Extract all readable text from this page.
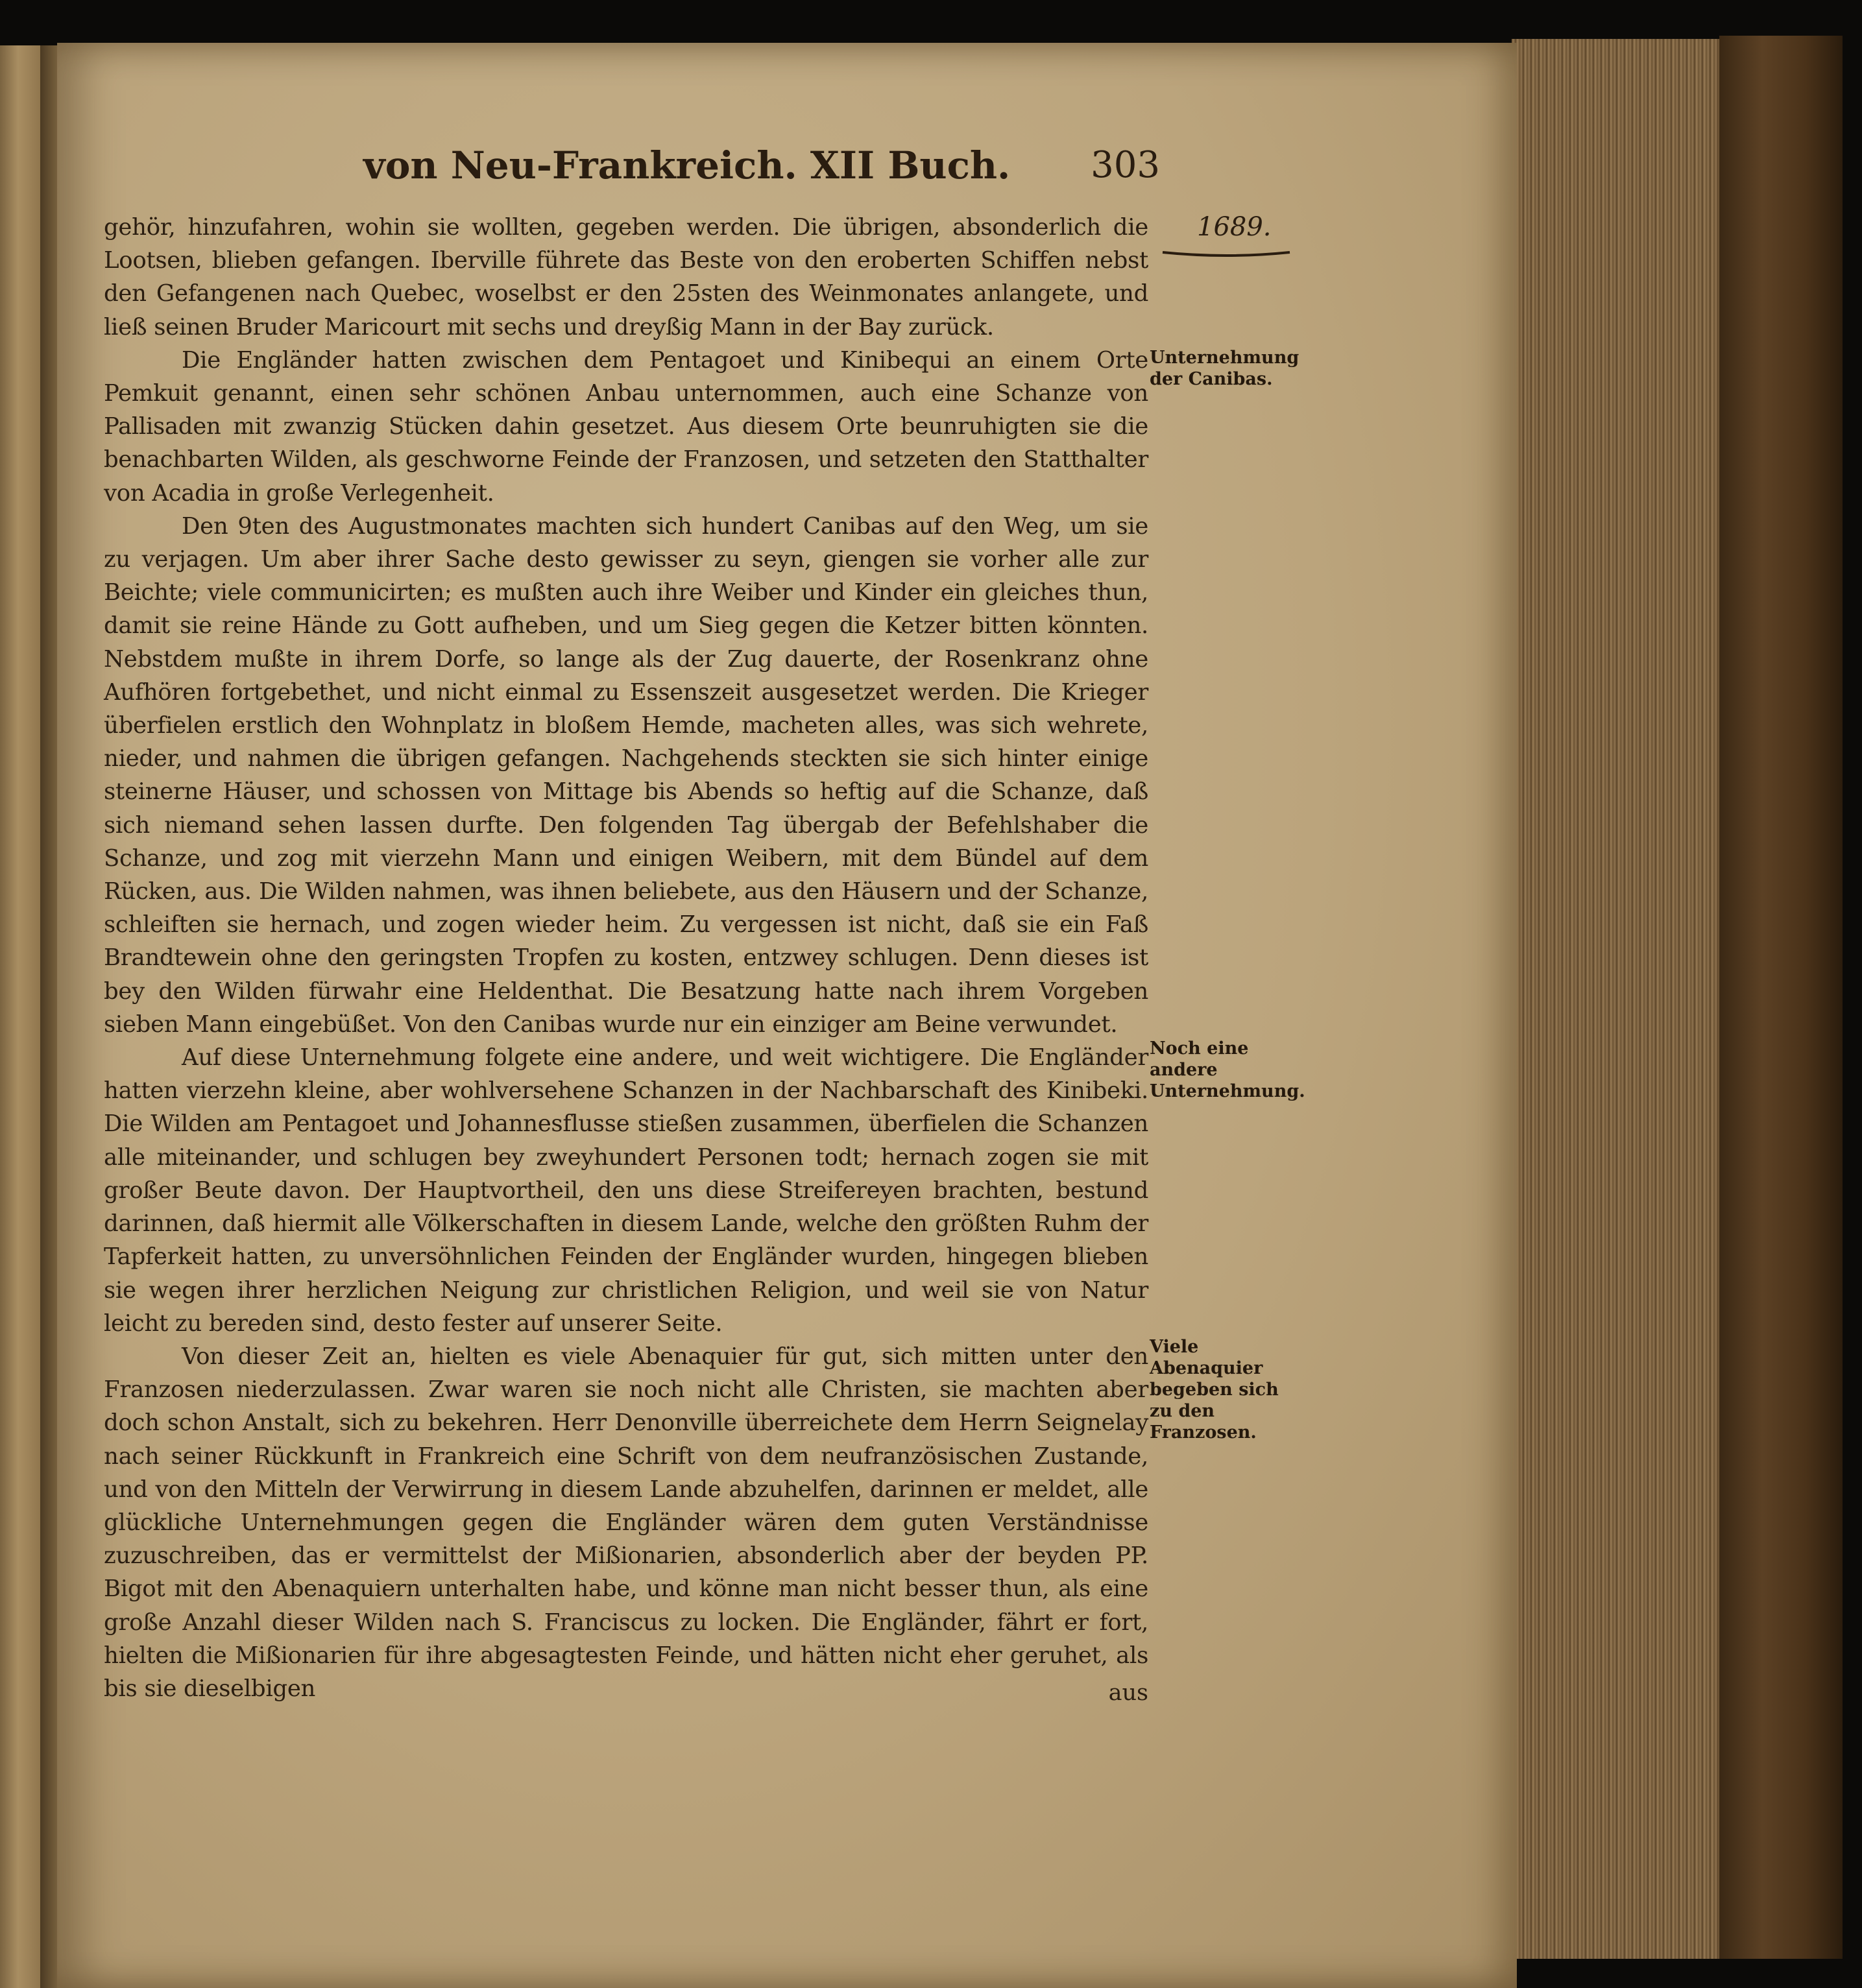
von Neu-Frankreich. XII Buch.	303
1689.

gehör, hinzufahren, wohin sie wollten, gegeben werden. Die übrigen, absonderlich die Lootsen, blieben gefangen. Iberville führete das Beste von den eroberten Schiffen nebst den Gefangenen nach Quebec, woselbst er den 25sten des Weinmonates anlangete, und ließ seinen Bruder Maricourt mit sechs und dreyßig Mann in der Bay zurück.

Die Engländer hatten zwischen dem Pentagoet und Kinibequi an einem Orte Pemkuit genannt, einen sehr schönen Anbau unternommen, auch eine Schanze von Pallisaden mit zwanzig Stücken dahin gesetzet. Aus diesem Orte beunruhigten sie die benachbarten Wilden, als geschworne Feinde der Franzosen, und setzeten den Statthalter von Acadia in große Verlegenheit.

Den 9ten des Augustmonates machten sich hundert Canibas auf den Weg, um sie zu verjagen. Um aber ihrer Sache desto gewisser zu seyn, giengen sie vorher alle zur Beichte; viele communicirten; es mußten auch ihre Weiber und Kinder ein gleiches thun, damit sie reine Hände zu Gott aufheben, und um Sieg gegen die Ketzer bitten könnten. Nebstdem mußte in ihrem Dorfe, so lange als der Zug dauerte, der Rosenkranz ohne Aufhören fortgebethet, und nicht einmal zu Essenszeit ausgesetzet werden. Die Krieger überfielen erstlich den Wohnplatz in bloßem Hemde, macheten alles, was sich wehrete, nieder, und nahmen die übrigen gefangen. Nachgehends steckten sie sich hinter einige steinerne Häuser, und schossen von Mittage bis Abends so heftig auf die Schanze, daß sich niemand sehen lassen durfte. Den folgenden Tag übergab der Befehlshaber die Schanze, und zog mit vierzehn Mann und einigen Weibern, mit dem Bündel auf dem Rücken, aus. Die Wilden nahmen, was ihnen beliebete, aus den Häusern und der Schanze, schleiften sie hernach, und zogen wieder heim. Zu vergessen ist nicht, daß sie ein Faß Brandtewein ohne den geringsten Tropfen zu kosten, entzwey schlugen. Denn dieses ist bey den Wilden fürwahr eine Heldenthat. Die Besatzung hatte nach ihrem Vorgeben sieben Mann eingebüßet. Von den Canibas wurde nur ein einziger am Beine verwundet.

Auf diese Unternehmung folgete eine andere, und weit wichtigere. Die Engländer hatten vierzehn kleine, aber wohlversehene Schanzen in der Nachbarschaft des Kinibeki. Die Wilden am Pentagoet und Johannesflusse stießen zusammen, überfielen die Schanzen alle miteinander, und schlugen bey zweyhundert Personen todt; hernach zogen sie mit großer Beute davon. Der Hauptvortheil, den uns diese Streifereyen brachten, bestund darinnen, daß hiermit alle Völkerschaften in diesem Lande, welche den größten Ruhm der Tapferkeit hatten, zu unversöhnlichen Feinden der Engländer wurden, hingegen blieben sie wegen ihrer herzlichen Neigung zur christlichen Religion, und weil sie von Natur leicht zu bereden sind, desto fester auf unserer Seite.

Von dieser Zeit an, hielten es viele Abenaquier für gut, sich mitten unter den Franzosen niederzulassen. Zwar waren sie noch nicht alle Christen, sie machten aber doch schon Anstalt, sich zu bekehren. Herr Denonville überreichete dem Herrn Seignelay nach seiner Rückkunft in Frankreich eine Schrift von dem neufranzösischen Zustande, und von den Mitteln der Verwirrung in diesem Lande abzuhelfen, darinnen er meldet, alle glückliche Unternehmungen gegen die Engländer wären dem guten Verständnisse zuzuschreiben, das er vermittelst der Mißionarien, absonderlich aber der beyden PP. Bigot mit den Abenaquiern unterhalten habe, und könne man nicht besser thun, als eine große Anzahl dieser Wilden nach S. Franciscus zu locken. Die Engländer, fährt er fort, hielten die Mißionarien für ihre abgesagtesten Feinde, und hätten nicht eher geruhet, als bis sie dieselbigen	aus
Unternehmung der Canibas.
Noch eine andere Unternehmung.
Viele Abenaquier begeben sich zu den Franzosen.
